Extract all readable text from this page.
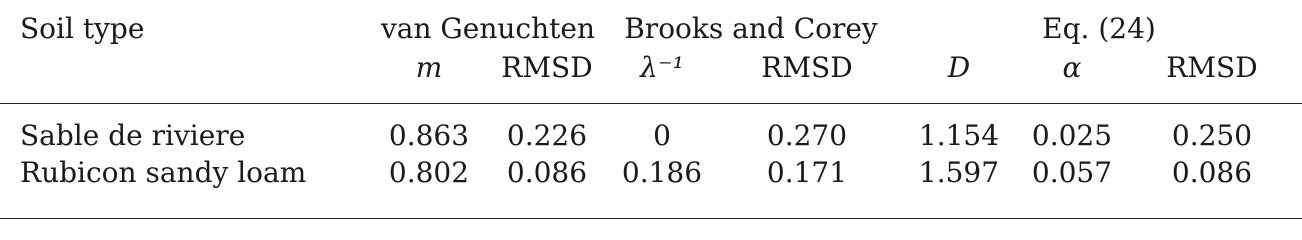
Soil type	van Genuchten		Brooks and Corey		Eq. (24)		
	m	RMSD	λ⁻¹	RMSD	D	α	RMSD

Sable de riviere	0.863	0.226	0	0.270	1.154	0.025	0.250
Rubicon sandy loam	0.802	0.086	0.186	0.171	1.597	0.057	0.086
